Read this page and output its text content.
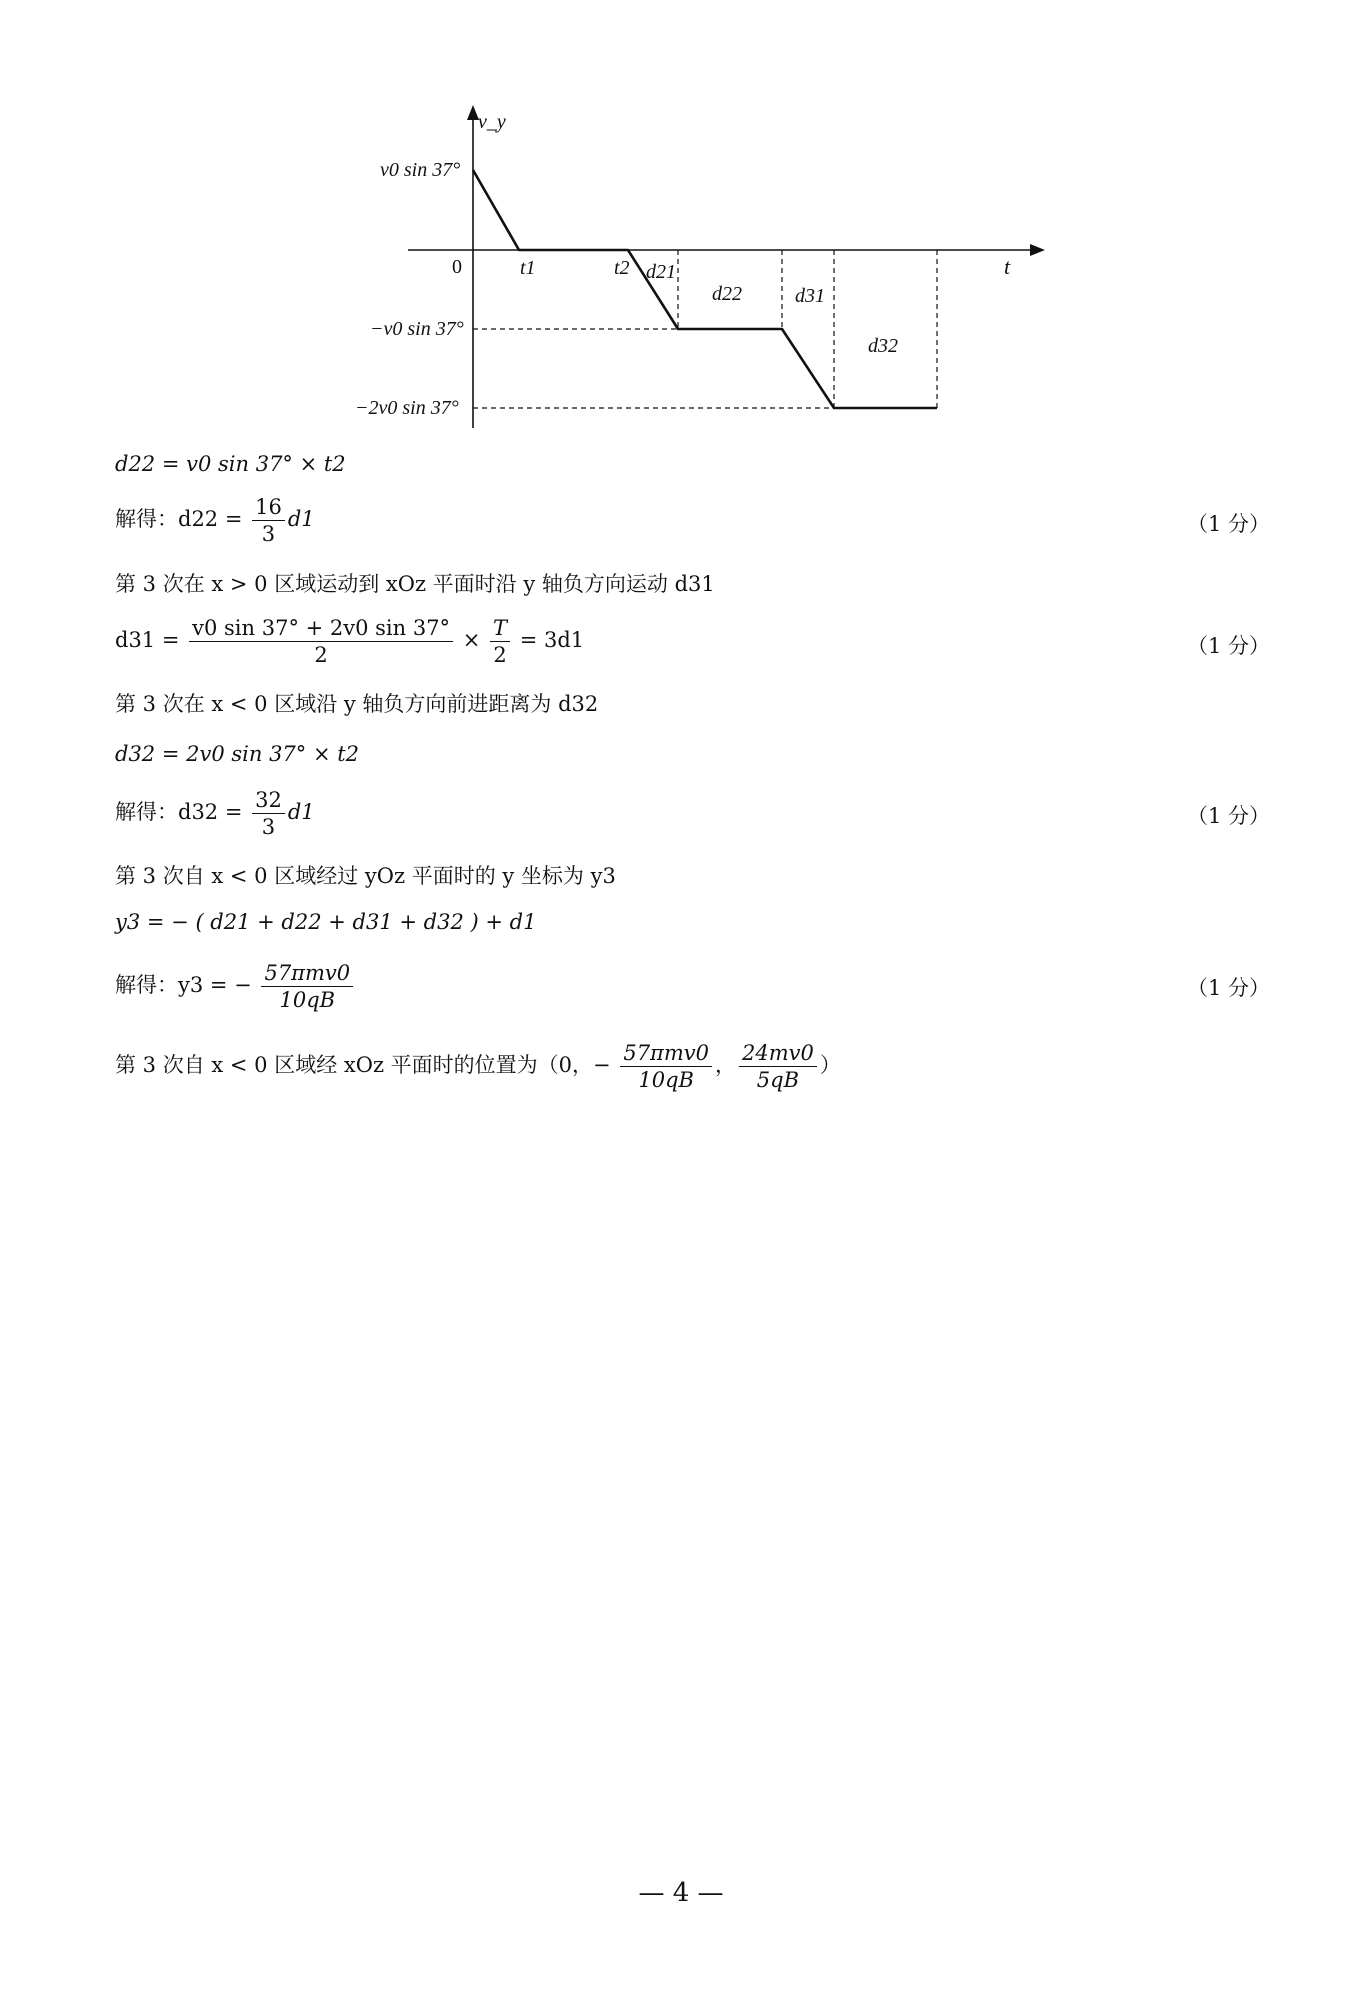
v_y
t
0	t1	t2
v0 sin 37°
−v0 sin 37°
−2v0 sin 37°
d21
d22	d31
d32
d22 = v0 sin 37° × t2
解得：$d22 = \frac{16}{3} d1$	（1 分）
第 3 次在 x > 0 区域运动到 xOz 平面时沿 y 轴负方向运动 d31
$d31 = \frac{v0 \sin 37^\circ + 2v0 \sin 37^\circ}{2} \times \frac{T}{2} = 3d1$	（1 分）
第 3 次在 x < 0 区域沿 y 轴负方向前进距离为 d32
d32 = 2v0 sin 37° × t2
解得：$d32 = \frac{32}{3} d1$	（1 分）
第 3 次自 x < 0 区域经过 yOz 平面时的 y 坐标为 y3
y3 = − ( d21 + d22 + d31 + d32 ) + d1
解得：y3 = − $\frac{\text{57πmv0}}{10qB}$	（1 分）
第 3 次自 x < 0 区域经 xOz 平面时的位置为（0，− $\frac{\text{57πmv0}}{10qB}$ ， $\frac{24mv0}{5qB}$ ）
— 4 —
